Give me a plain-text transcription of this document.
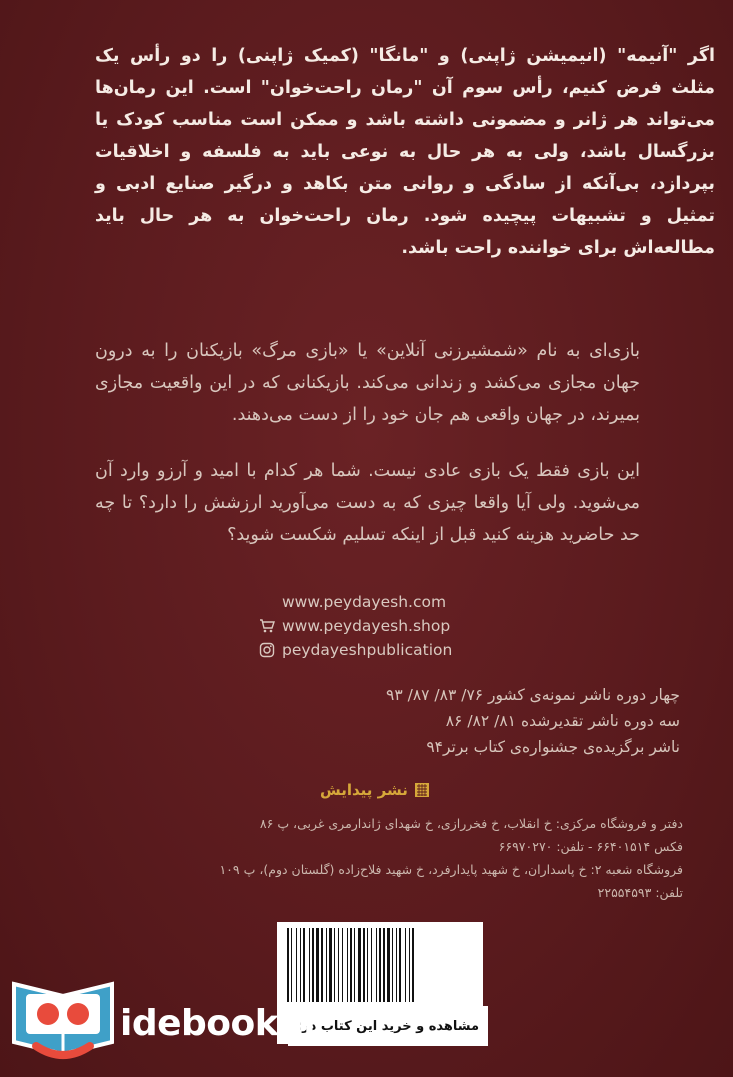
اگر "آنیمه" (انیمیشن ژاپنی) و "مانگا" (کمیک ژاپنی) را دو رأس یک مثلث فرض کنیم، رأس سوم آن "رمان راحت‌خوان" است. این رمان‌ها می‌تواند هر ژانر و مضمونی داشته باشد و ممکن است مناسب کودک یا بزرگسال باشد، ولی به هر حال به نوعی باید به فلسفه و اخلاقیات بپردازد، بی‌آنکه از سادگی و روانی متن بکاهد و درگیر صنایع ادبی و تمثیل و تشبیهات پیچیده شود. رمان راحت‌خوان به هر حال باید مطالعه‌اش برای خواننده راحت باشد.

بازی‌ای به نام «شمشیرزنی آنلاین» یا «بازی مرگ» بازیکنان را به درون جهان مجازی می‌کشد و زندانی می‌کند. بازیکنانی که در این واقعیت مجازی بمیرند، در جهان واقعی هم جان خود را از دست می‌دهند.

این بازی فقط یک بازی عادی نیست. شما هر کدام با امید و آرزو وارد آن می‌شوید. ولی آیا واقعا چیزی که به دست می‌آورید ارزشش را دارد؟ تا چه حد حاضرید هزینه کنید قبل از اینکه تسلیم شکست شوید؟

www.peydayesh.com
www.peydayesh.shop
peydayeshpublication
چهار دوره ناشر نمونه‌ی کشور ۷۶/ ۸۳/ ۸۷/ ۹۳
سه دوره ناشر تقدیرشده ۸۱/ ۸۲/ ۸۶
ناشر برگزیده‌ی جشنواره‌ی کتاب برتر۹۴
نشر پیدایش
دفتر و فروشگاه مرکزی: خ انقلاب، خ فخررازی، خ شهدای ژاندارمری غربی، پ ۸۶
فکس ۶۶۴۰۱۵۱۴ - تلفن: ۶۶۹۷۰۲۷۰
فروشگاه شعبه ۲: خ پاسداران، خ شهید پایدارفرد، خ شهید فلاح‌زاده (گلستان دوم)، پ ۱۰۹
تلفن: ۲۲۵۵۴۵۹۳
مشاهده و خرید این کتاب در:
idebook.ir
